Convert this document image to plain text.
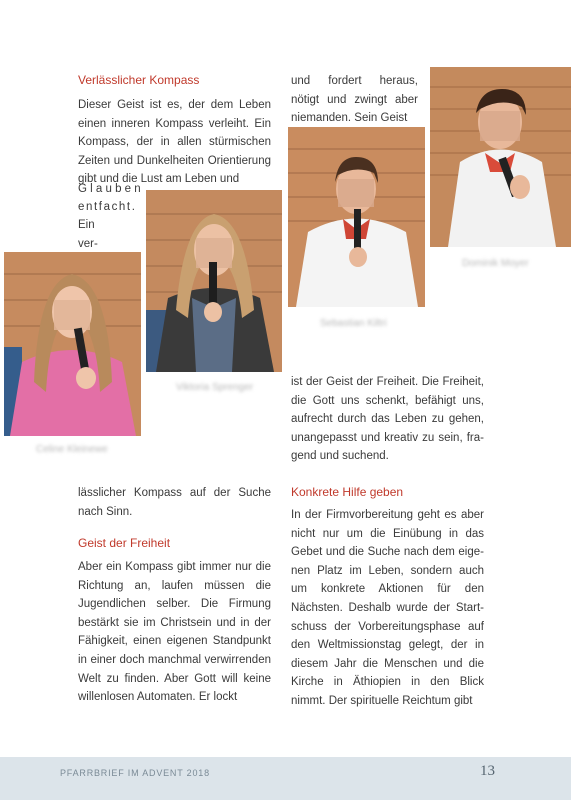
Verlässlicher Kompass

Dieser Geist ist es, der dem Leben einen inneren Kompass verleiht. Ein Kompass, der in allen stürmischen Zeiten und Dunkelheiten Orientierung gibt und die Lust am Leben und

Glauben
entfacht.
Ein ver-

und fordert heraus, nötigt und zwingt aber niemanden. Sein Geist

Dominik Moyer
Sebastian Kiltri
Viktoria Sprenger
Celine Kleinewe

ist der Geist der Freiheit. Die Freiheit, die Gott uns schenkt, befähigt uns, aufrecht durch das Leben zu gehen, unangepasst und kreativ zu sein, fragend und suchend.

lässlicher Kompass auf der Suche nach Sinn.

Geist der Freiheit

Aber ein Kompass gibt immer nur die Richtung an, laufen müssen die Jugendlichen selber. Die Firmung bestärkt sie im Christsein und in der Fähigkeit, einen eigenen Standpunkt in einer doch manchmal verwirrenden Welt zu finden. Aber Gott will keine willenlosen Automaten. Er lockt

Konkrete Hilfe geben

In der Firmvorbereitung geht es aber nicht nur um die Einübung in das Gebet und die Suche nach dem eigenen Platz im Leben, sondern auch um konkrete Aktionen für den Nächsten. Deshalb wurde der Startschuss der Vorbereitungsphase auf den Weltmissionstag gelegt, der in diesem Jahr die Menschen und die Kirche in Äthiopien in den Blick nimmt. Der spirituelle Reichtum gibt

PFARRBRIEF IM ADVENT 2018	13
